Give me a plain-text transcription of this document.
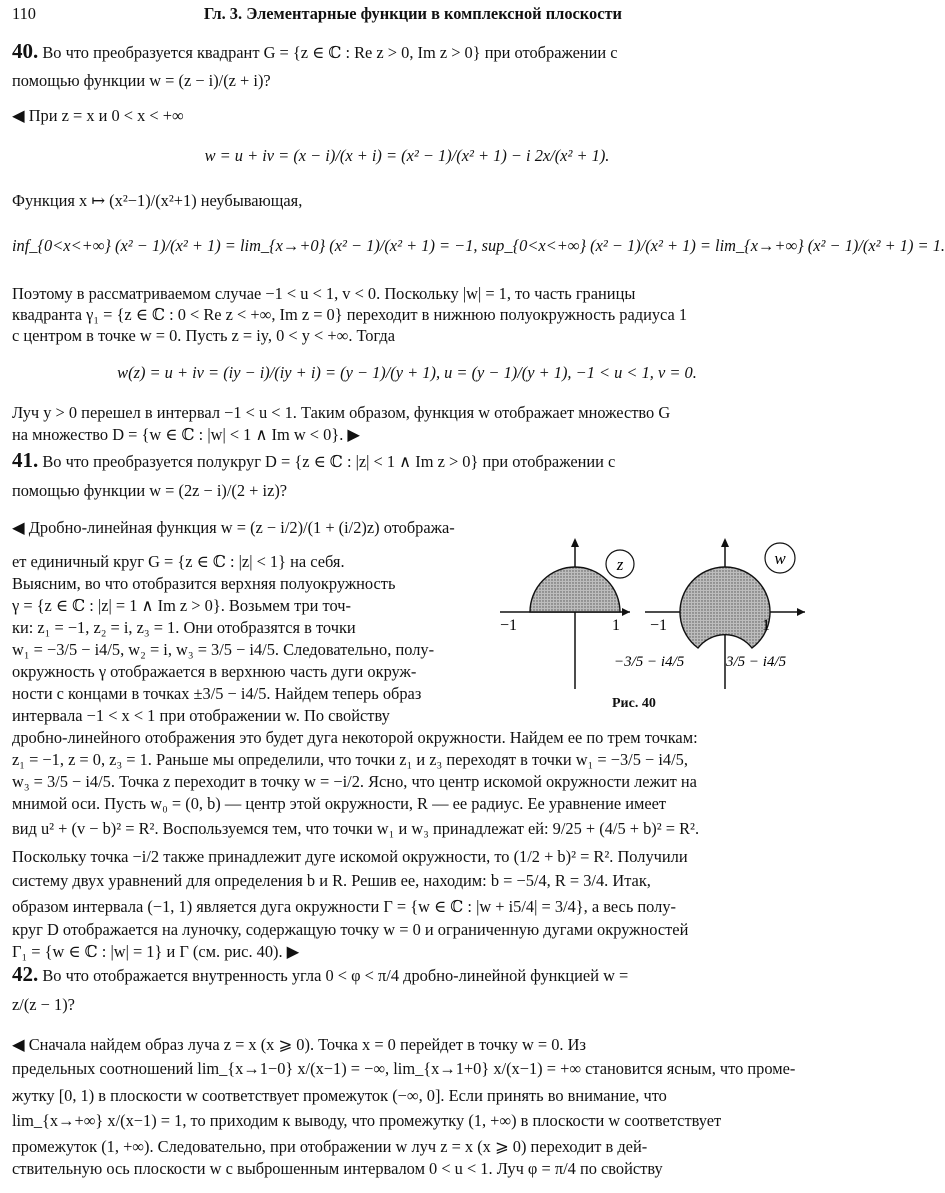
110	Гл. 3. Элементарные функции в комплексной плоскости
40. Во что преобразуется квадрант G = {z ∈ ℂ : Re z > 0, Im z > 0} при отображении с
помощью функции w = (z − i)/(z + i)?
◀ При z = x и 0 < x < +∞
w = u + iv = (x − i)/(x + i) = (x² − 1)/(x² + 1) − i 2x/(x² + 1).
Функция x ↦ (x²−1)/(x²+1) неубывающая,
inf_{0<x<+∞} (x² − 1)/(x² + 1) = lim_{x→+0} (x² − 1)/(x² + 1) = −1, sup_{0<x<+∞} (x² − 1)/(x² + 1) = lim_{x→+∞} (x² − 1)/(x² + 1) = 1.
Поэтому в рассматриваемом случае −1 < u < 1, v < 0. Поскольку |w| = 1, то часть границы
квадранта γ₁ = {z ∈ ℂ : 0 < Re z < +∞, Im z = 0} переходит в нижнюю полуокружность радиуса 1
с центром в точке w = 0. Пусть z = iy, 0 < y < +∞. Тогда
w(z) = u + iv = (iy − i)/(iy + i) = (y − 1)/(y + 1), u = (y − 1)/(y + 1), −1 < u < 1, v = 0.
Луч y > 0 перешел в интервал −1 < u < 1. Таким образом, функция w отображает множество G
на множество D = {w ∈ ℂ : |w| < 1 ∧ Im w < 0}. ▶
41. Во что преобразуется полукруг D = {z ∈ ℂ : |z| < 1 ∧ Im z > 0} при отображении с
помощью функции w = (2z − i)/(2 + iz)?
◀ Дробно-линейная функция w = (z − i/2)/(1 + (i/2)z) отобража-
ет единичный круг G = {z ∈ ℂ : |z| < 1} на себя.
Выясним, во что отобразится верхняя полуокружность
γ = {z ∈ ℂ : |z| = 1 ∧ Im z > 0}. Возьмем три точ-
ки: z₁ = −1, z₂ = i, z₃ = 1. Они отобразятся в точки
w₁ = −3/5 − i4/5, w₂ = i, w₃ = 3/5 − i4/5. Следовательно, полу-
окружность γ отображается в верхнюю часть дуги окруж-
ности с концами в точках ±3/5 − i4/5. Найдем теперь образ
интервала −1 < x < 1 при отображении w. По свойству
z
−1	1
w
−1	1
−3/5 − i4/5	3/5 − i4/5
Рис. 40
дробно-линейного отображения это будет дуга некоторой окружности. Найдем ее по трем точкам:
z₁ = −1, z = 0, z₃ = 1. Раньше мы определили, что точки z₁ и z₃ переходят в точки w₁ = −3/5 − i4/5,
w₃ = 3/5 − i4/5. Точка z переходит в точку w = −i/2. Ясно, что центр искомой окружности лежит на
мнимой оси. Пусть w₀ = (0, b) — центр этой окружности, R — ее радиус. Ее уравнение имеет
вид u² + (v − b)² = R². Воспользуемся тем, что точки w₁ и w₃ принадлежат ей: 9/25 + (4/5 + b)² = R².
Поскольку точка −i/2 также принадлежит дуге искомой окружности, то (1/2 + b)² = R². Получили
систему двух уравнений для определения b и R. Решив ее, находим: b = −5/4, R = 3/4. Итак,
образом интервала (−1, 1) является дуга окружности Γ = {w ∈ ℂ : |w + i5/4| = 3/4}, а весь полу-
круг D отображается на луночку, содержащую точку w = 0 и ограниченную дугами окружностей
Γ₁ = {w ∈ ℂ : |w| = 1} и Γ (см. рис. 40). ▶
42. Во что отображается внутренность угла 0 < φ < π/4 дробно-линейной функцией w =
z/(z − 1)?
◀ Сначала найдем образ луча z = x (x ⩾ 0). Точка x = 0 перейдет в точку w = 0. Из
предельных соотношений lim_{x→1−0} x/(x−1) = −∞, lim_{x→1+0} x/(x−1) = +∞ становится ясным, что проме-
жутку [0, 1) в плоскости w соответствует промежуток (−∞, 0]. Если принять во внимание, что
lim_{x→+∞} x/(x−1) = 1, то приходим к выводу, что промежутку (1, +∞) в плоскости w соответствует
промежуток (1, +∞). Следовательно, при отображении w луч z = x (x ⩾ 0) переходит в дей-
ствительную ось плоскости w с выброшенным интервалом 0 < u < 1. Луч φ = π/4 по свойству
